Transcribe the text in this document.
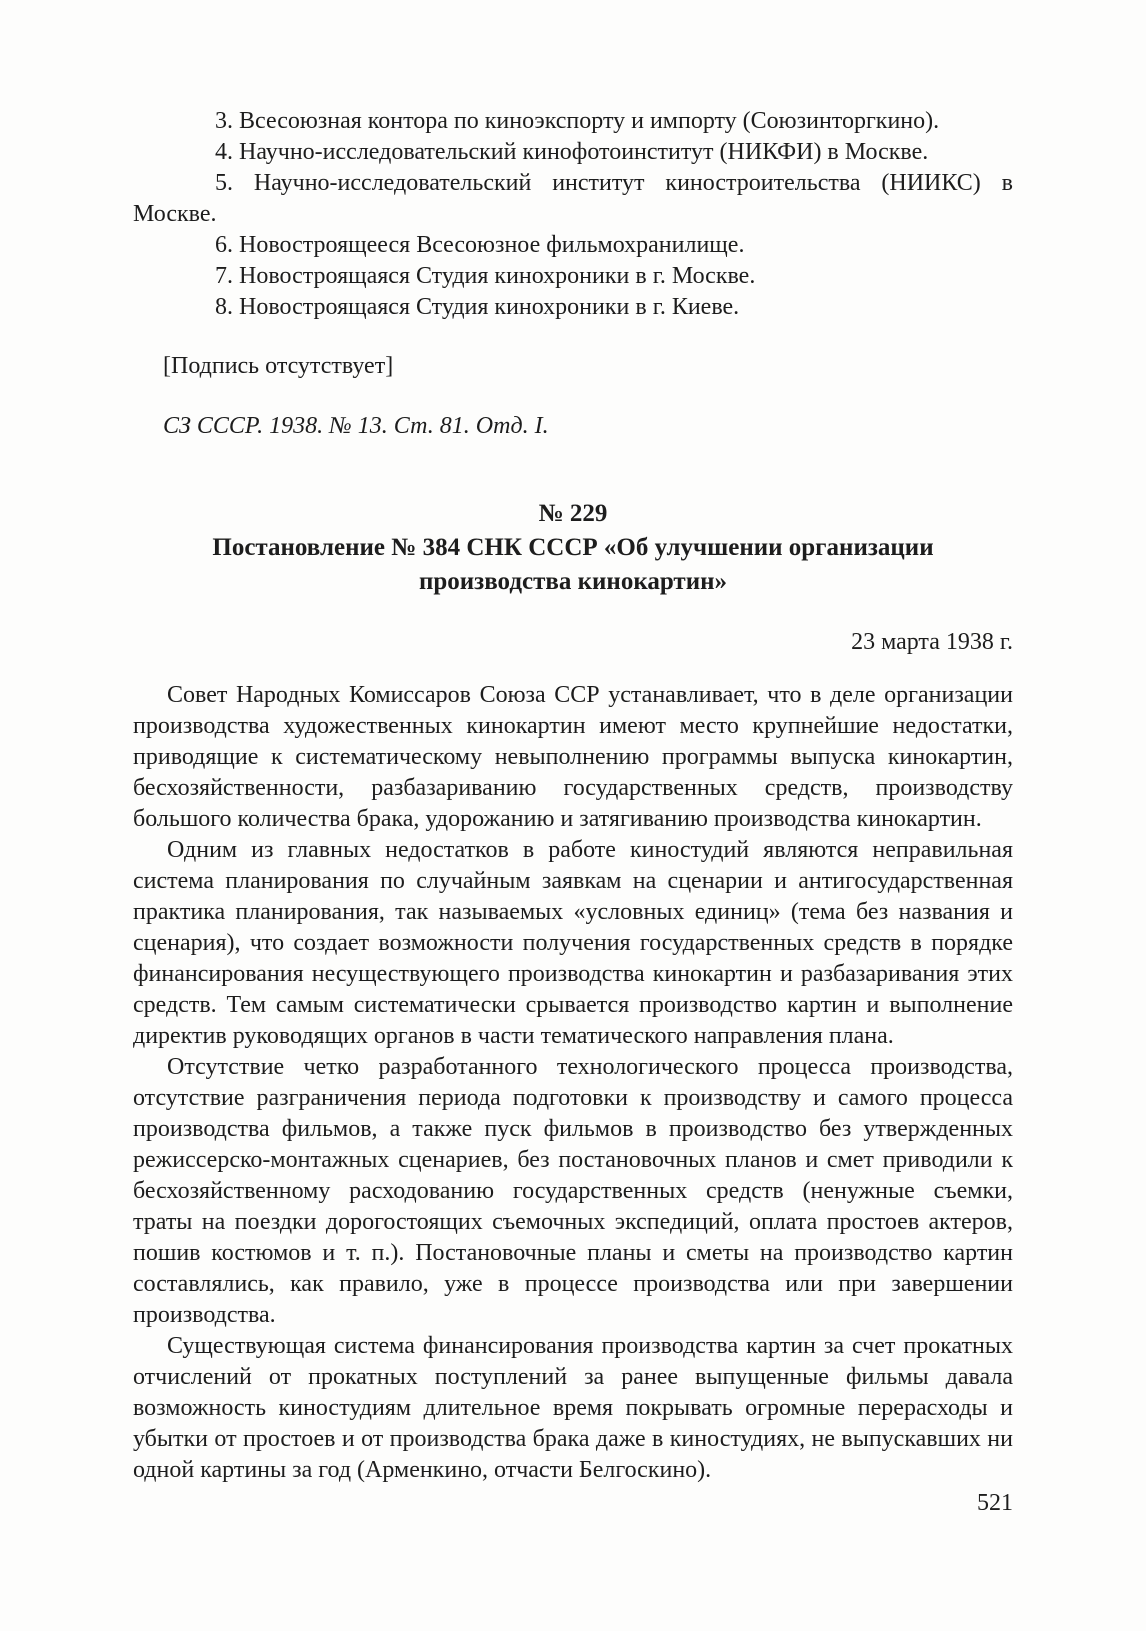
3. Всесоюзная контора по киноэкспорту и импорту (Союзинторгкино).

4. Научно-исследовательский кинофотоинститут (НИКФИ) в Москве.

5. Научно-исследовательский институт киностроительства (НИИКС) в Москве.

6. Новостроящееся Всесоюзное фильмохранилище.

7. Новостроящаяся Студия кинохроники в г. Москве.

8. Новостроящаяся Студия кинохроники в г. Киеве.

[Подпись отсутствует]

СЗ СССР. 1938. № 13. Ст. 81. Отд. I.

№ 229

Постановление № 384 СНК СССР «Об улучшении организации производства кинокартин»

23 марта 1938 г.

Совет Народных Комиссаров Союза ССР устанавливает, что в деле организации производства художественных кинокартин имеют место крупнейшие недостатки, приводящие к систематическому невыполнению программы выпуска кинокартин, бесхозяйственности, разбазариванию государственных средств, производству большого количества брака, удорожанию и затягиванию производства кинокартин.

Одним из главных недостатков в работе киностудий являются неправильная система планирования по случайным заявкам на сценарии и антигосударственная практика планирования, так называемых «условных единиц» (тема без названия и сценария), что создает возможности получения государственных средств в порядке финансирования несуществующего производства кинокартин и разбазаривания этих средств. Тем самым систематически срывается производство картин и выполнение директив руководящих органов в части тематического направления плана.

Отсутствие четко разработанного технологического процесса производства, отсутствие разграничения периода подготовки к производству и самого процесса производства фильмов, а также пуск фильмов в производство без утвержденных режиссерско-монтажных сценариев, без постановочных планов и смет приводили к бесхозяйственному расходованию государственных средств (ненужные съемки, траты на поездки дорогостоящих съемочных экспедиций, оплата простоев актеров, пошив костюмов и т. п.). Постановочные планы и сметы на производство картин составлялись, как правило, уже в процессе производства или при завершении производства.

Существующая система финансирования производства картин за счет прокатных отчислений от прокатных поступлений за ранее выпущенные фильмы давала возможность киностудиям длительное время покрывать огромные перерасходы и убытки от простоев и от производства брака даже в киностудиях, не выпускавших ни одной картины за год (Арменкино, отчасти Белгоскино).

521
